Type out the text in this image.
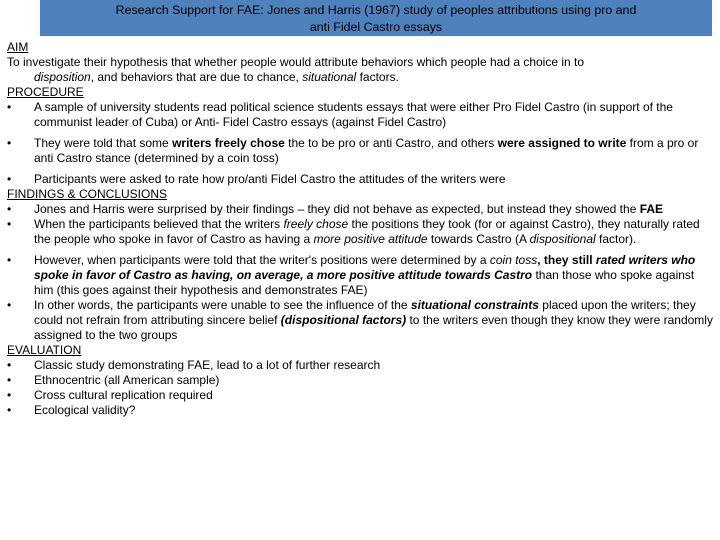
Research Support for FAE: Jones and Harris (1967) study of peoples attributions using pro and
anti Fidel Castro essays

AIM

To investigate their hypothesis that whether people would attribute behaviors which people had a choice in to
disposition, and behaviors that are due to chance, situational factors.

PROCEDURE

• A sample of university students read political science students essays that were either Pro Fidel Castro (in support of the communist leader of Cuba) or Anti- Fidel Castro essays (against Fidel Castro)
• They were told that some writers freely chose the to be pro or anti Castro, and others were assigned to write from a pro or anti Castro stance (determined by a coin toss)
• Participants were asked to rate how pro/anti Fidel Castro the attitudes of the writers were

FINDINGS & CONCLUSIONS

• Jones and Harris were surprised by their findings – they did not behave as expected, but instead they showed the FAE
• When the participants believed that the writers freely chose the positions they took (for or against Castro), they naturally rated the people who spoke in favor of Castro as having a more positive attitude towards Castro (A dispositional factor).
• However, when participants were told that the writer's positions were determined by a coin toss, they still rated writers who spoke in favor of Castro as having, on average, a more positive attitude towards Castro than those who spoke against him (this goes against their hypothesis and demonstrates FAE)
• In other words, the participants were unable to see the influence of the situational constraints placed upon the writers; they could not refrain from attributing sincere belief (dispositional factors) to the writers even though they know they were randomly assigned to the two groups

EVALUATION

• Classic study demonstrating FAE, lead to a lot of further research
• Ethnocentric (all American sample)
• Cross cultural replication required
• Ecological validity?
